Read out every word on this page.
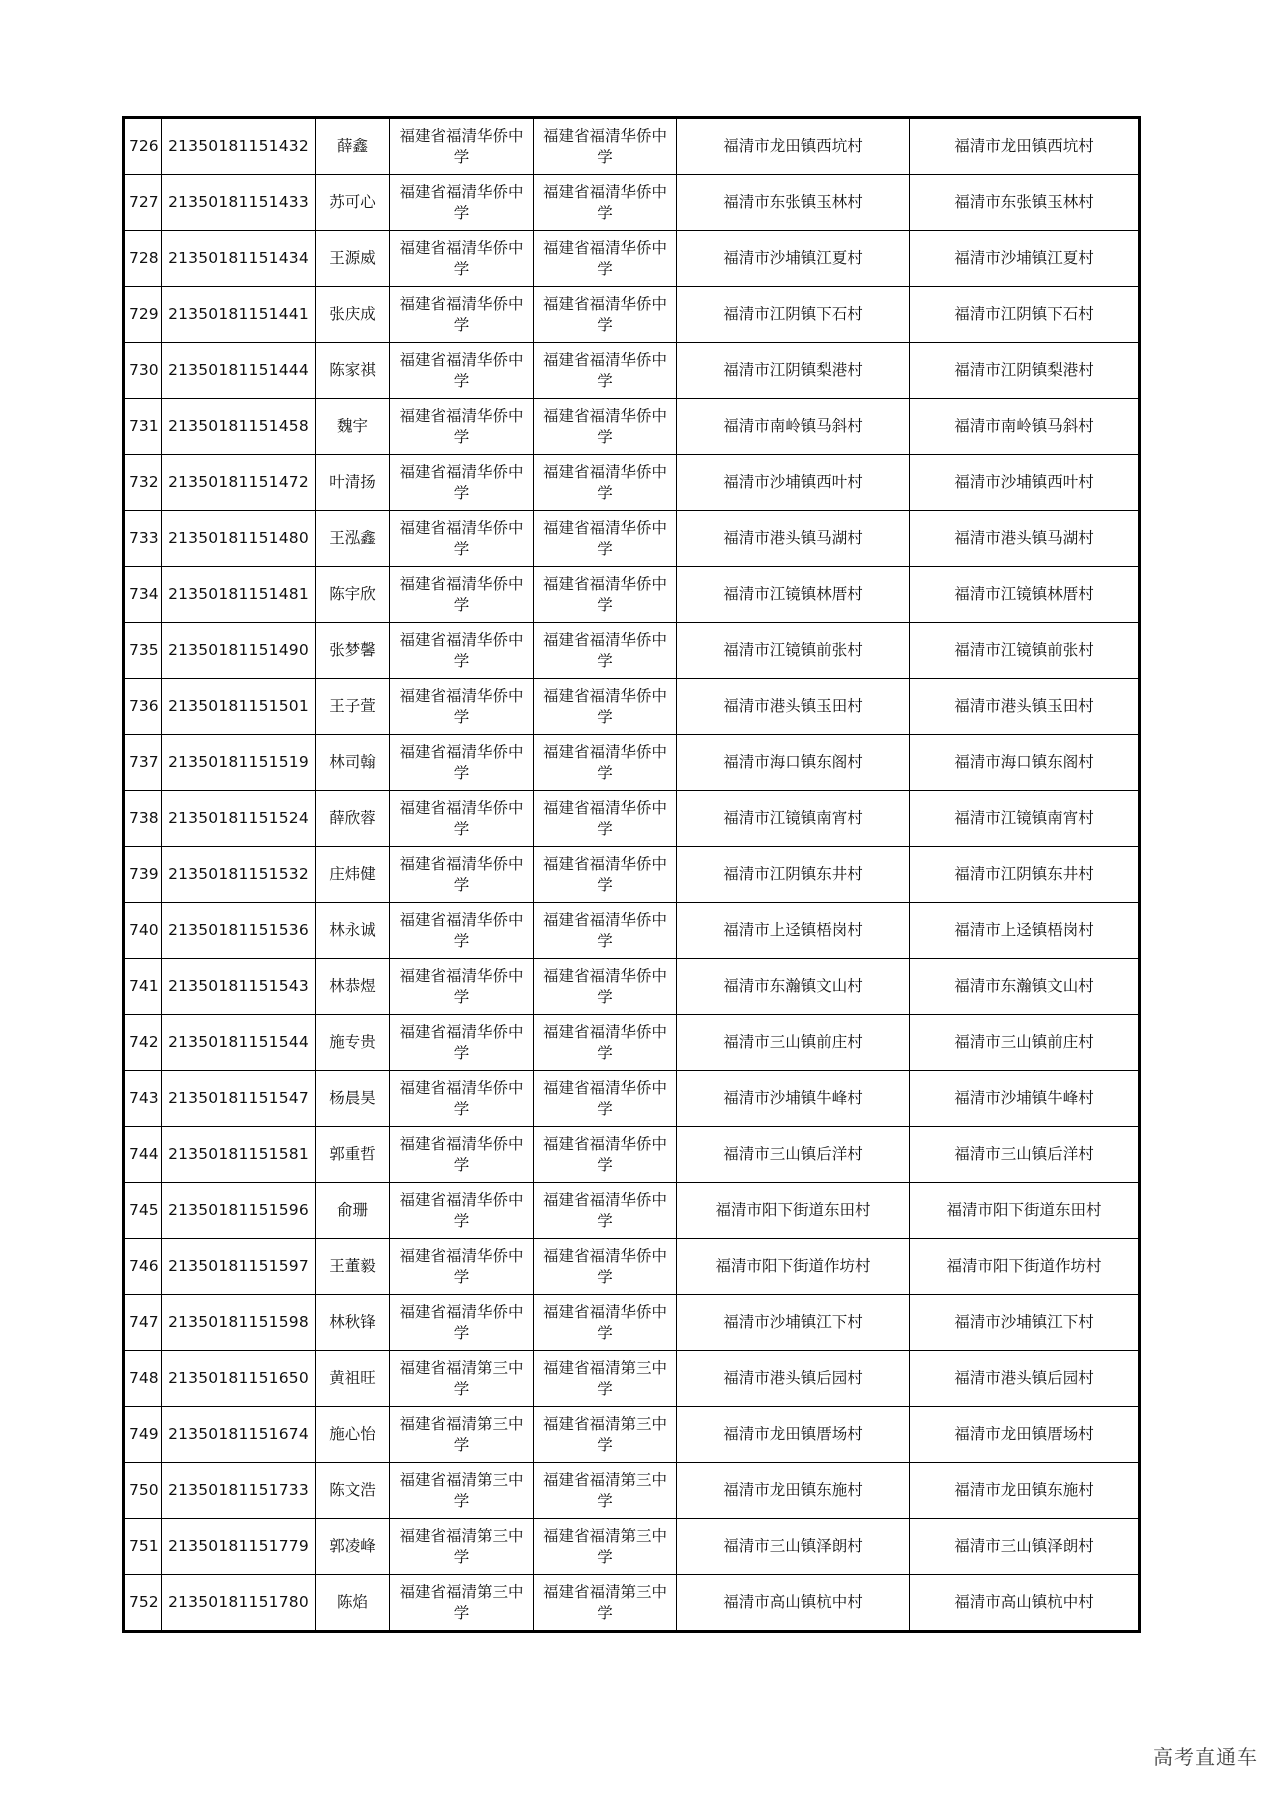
726	21350181151432	薛鑫	福建省福清华侨中学	福建省福清华侨中学	福清市龙田镇西坑村	福清市龙田镇西坑村
727	21350181151433	苏可心	福建省福清华侨中学	福建省福清华侨中学	福清市东张镇玉林村	福清市东张镇玉林村
728	21350181151434	王源威	福建省福清华侨中学	福建省福清华侨中学	福清市沙埔镇江夏村	福清市沙埔镇江夏村
729	21350181151441	张庆成	福建省福清华侨中学	福建省福清华侨中学	福清市江阴镇下石村	福清市江阴镇下石村
730	21350181151444	陈家祺	福建省福清华侨中学	福建省福清华侨中学	福清市江阴镇梨港村	福清市江阴镇梨港村
731	21350181151458	魏宇	福建省福清华侨中学	福建省福清华侨中学	福清市南岭镇马斜村	福清市南岭镇马斜村
732	21350181151472	叶清扬	福建省福清华侨中学	福建省福清华侨中学	福清市沙埔镇西叶村	福清市沙埔镇西叶村
733	21350181151480	王泓鑫	福建省福清华侨中学	福建省福清华侨中学	福清市港头镇马湖村	福清市港头镇马湖村
734	21350181151481	陈宇欣	福建省福清华侨中学	福建省福清华侨中学	福清市江镜镇林厝村	福清市江镜镇林厝村
735	21350181151490	张梦馨	福建省福清华侨中学	福建省福清华侨中学	福清市江镜镇前张村	福清市江镜镇前张村
736	21350181151501	王子萱	福建省福清华侨中学	福建省福清华侨中学	福清市港头镇玉田村	福清市港头镇玉田村
737	21350181151519	林司翰	福建省福清华侨中学	福建省福清华侨中学	福清市海口镇东阁村	福清市海口镇东阁村
738	21350181151524	薛欣蓉	福建省福清华侨中学	福建省福清华侨中学	福清市江镜镇南宵村	福清市江镜镇南宵村
739	21350181151532	庄炜健	福建省福清华侨中学	福建省福清华侨中学	福清市江阴镇东井村	福清市江阴镇东井村
740	21350181151536	林永诚	福建省福清华侨中学	福建省福清华侨中学	福清市上迳镇梧岗村	福清市上迳镇梧岗村
741	21350181151543	林恭煜	福建省福清华侨中学	福建省福清华侨中学	福清市东瀚镇文山村	福清市东瀚镇文山村
742	21350181151544	施专贵	福建省福清华侨中学	福建省福清华侨中学	福清市三山镇前庄村	福清市三山镇前庄村
743	21350181151547	杨晨昊	福建省福清华侨中学	福建省福清华侨中学	福清市沙埔镇牛峰村	福清市沙埔镇牛峰村
744	21350181151581	郭重哲	福建省福清华侨中学	福建省福清华侨中学	福清市三山镇后洋村	福清市三山镇后洋村
745	21350181151596	俞珊	福建省福清华侨中学	福建省福清华侨中学	福清市阳下街道东田村	福清市阳下街道东田村
746	21350181151597	王董毅	福建省福清华侨中学	福建省福清华侨中学	福清市阳下街道作坊村	福清市阳下街道作坊村
747	21350181151598	林秋锋	福建省福清华侨中学	福建省福清华侨中学	福清市沙埔镇江下村	福清市沙埔镇江下村
748	21350181151650	黄祖旺	福建省福清第三中学	福建省福清第三中学	福清市港头镇后园村	福清市港头镇后园村
749	21350181151674	施心怡	福建省福清第三中学	福建省福清第三中学	福清市龙田镇厝场村	福清市龙田镇厝场村
750	21350181151733	陈文浩	福建省福清第三中学	福建省福清第三中学	福清市龙田镇东施村	福清市龙田镇东施村
751	21350181151779	郭凌峰	福建省福清第三中学	福建省福清第三中学	福清市三山镇泽朗村	福清市三山镇泽朗村
752	21350181151780	陈焰	福建省福清第三中学	福建省福清第三中学	福清市高山镇杭中村	福清市高山镇杭中村
高考直通车
